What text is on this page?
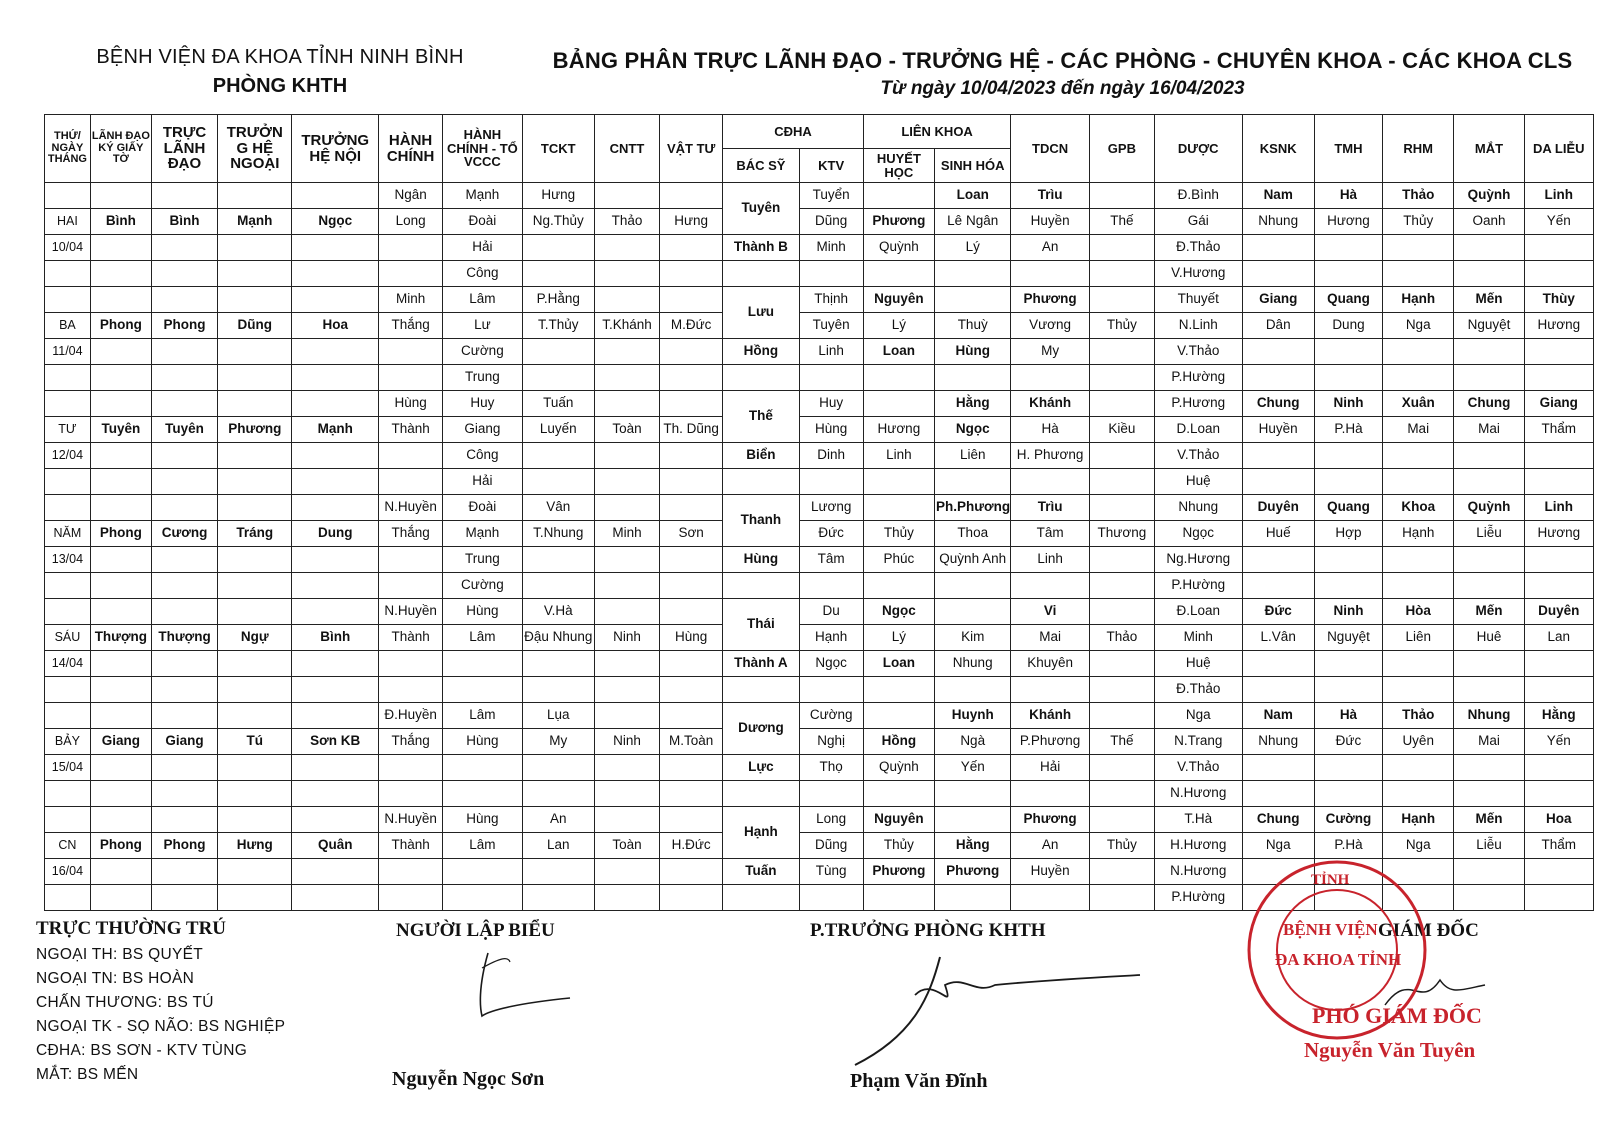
BỆNH VIỆN ĐA KHOA TỈNH NINH BÌNH
PHÒNG KHTH
BẢNG PHÂN TRỰC LÃNH ĐẠO - TRƯỞNG HỆ - CÁC PHÒNG - CHUYÊN KHOA - CÁC KHOA CLS
Từ ngày 10/04/2023 đến ngày 16/04/2023
THỨ/ NGÀY THÁNG	LÃNH ĐẠO KÝ GIẤY TỜ	TRỰC LÃNH ĐẠO	TRƯỞN G HỆ NGOẠI	TRƯỞNG HỆ NỘI	HÀNH CHÍNH	HÀNH CHÍNH - TỔ VCCC	TCKT	CNTT	VẬT TƯ	CĐHA		LIÊN KHOA		TDCN	GPB	DƯỢC	KSNK	TMH	RHM	MẮT	DA LIỄU
										BÁC SỸ	KTV	HUYẾT HỌC	SINH HÓA								
					Ngân	Mạnh	Hưng			Tuyên	Tuyển		Loan	Trìu		Đ.Bình	Nam	Hà	Thảo	Quỳnh	Linh
HAI	Bình	Bình	Mạnh	Ngọc	Long	Đoài	Ng.Thủy	Thảo	Hưng		Dũng	Phương	Lê Ngân	Huyền	Thế	Gái	Nhung	Hương	Thủy	Oanh	Yến
10/04						Hải				Thành B	Minh	Quỳnh	Lý	An		Đ.Thảo					
						Công										V.Hương					
					Minh	Lâm	P.Hằng			Lưu	Thịnh	Nguyên		Phương		Thuyết	Giang	Quang	Hạnh	Mến	Thùy
BA	Phong	Phong	Dũng	Hoa	Thắng	Lư	T.Thủy	T.Khánh	M.Đức		Tuyên	Lý	Thuỳ	Vương	Thủy	N.Linh	Dân	Dung	Nga	Nguyệt	Hương
11/04						Cường				Hồng	Linh	Loan	Hùng	My		V.Thảo					
						Trung										P.Hường					
					Hùng	Huy	Tuấn			Thế	Huy		Hằng	Khánh		P.Hương	Chung	Ninh	Xuân	Chung	Giang
TƯ	Tuyên	Tuyên	Phương	Mạnh	Thành	Giang	Luyến	Toàn	Th. Dũng		Hùng	Hương	Ngọc	Hà	Kiều	D.Loan	Huyền	P.Hà	Mai	Mai	Thẩm
12/04						Công				Biển	Dinh	Linh	Liên	H. Phương		V.Thảo					
						Hải										Huệ					
					N.Huyền	Đoài	Vân			Thanh	Lương		Ph.Phương	Trìu		Nhung	Duyên	Quang	Khoa	Quỳnh	Linh
NĂM	Phong	Cương	Tráng	Dung	Thắng	Mạnh	T.Nhung	Minh	Sơn		Đức	Thủy	Thoa	Tâm	Thương	Ngọc	Huế	Hợp	Hạnh	Liễu	Hương
13/04						Trung				Hùng	Tâm	Phúc	Quỳnh Anh	Linh		Ng.Hương					
						Cường										P.Hường					
					N.Huyền	Hùng	V.Hà			Thái	Du	Ngọc		Vi		Đ.Loan	Đức	Ninh	Hòa	Mến	Duyên
SÁU	Thượng	Thượng	Ngự	Bình	Thành	Lâm	Đậu Nhung	Ninh	Hùng		Hạnh	Lý	Kim	Mai	Thảo	Minh	L.Vân	Nguyệt	Liên	Huê	Lan
14/04										Thành A	Ngọc	Loan	Nhung	Khuyên		Huệ					
																Đ.Thảo					
					Đ.Huyền	Lâm	Lụa			Dương	Cường		Huynh	Khánh		Nga	Nam	Hà	Thảo	Nhung	Hằng
BẢY	Giang	Giang	Tú	Sơn KB	Thắng	Hùng	My	Ninh	M.Toàn		Nghị	Hồng	Ngà	P.Phương	Thế	N.Trang	Nhung	Đức	Uyên	Mai	Yến
15/04										Lực	Thọ	Quỳnh	Yến	Hải		V.Thảo					
																N.Hương					
					N.Huyền	Hùng	An			Hạnh	Long	Nguyên		Phương		T.Hà	Chung	Cường	Hạnh	Mến	Hoa
CN	Phong	Phong	Hưng	Quân	Thành	Lâm	Lan	Toàn	H.Đức		Dũng	Thủy	Hằng	An	Thủy	H.Hương	Nga	P.Hà	Nga	Liễu	Thẩm
16/04										Tuấn	Tùng	Phương	Phương	Huyền		N.Hương					
																P.Hường					
TRỰC THƯỜNG TRÚ
NGOẠI TH: BS QUYẾT
NGOẠI TN: BS HOÀN
CHẤN THƯƠNG: BS TÚ
NGOẠI TK - SỌ NÃO: BS NGHIỆP
CĐHA: BS SƠN - KTV TÙNG
MẮT: BS MẾN
NGƯỜI LẬP BIỂU
Nguyễn Ngọc Sơn
P.TRƯỞNG PHÒNG KHTH
Phạm Văn Đĩnh
GIÁM ĐỐC
TỈNH
BỆNH VIỆN
ĐA KHOA TỈNH
PHÓ GIÁM ĐỐC
Nguyễn Văn Tuyên
